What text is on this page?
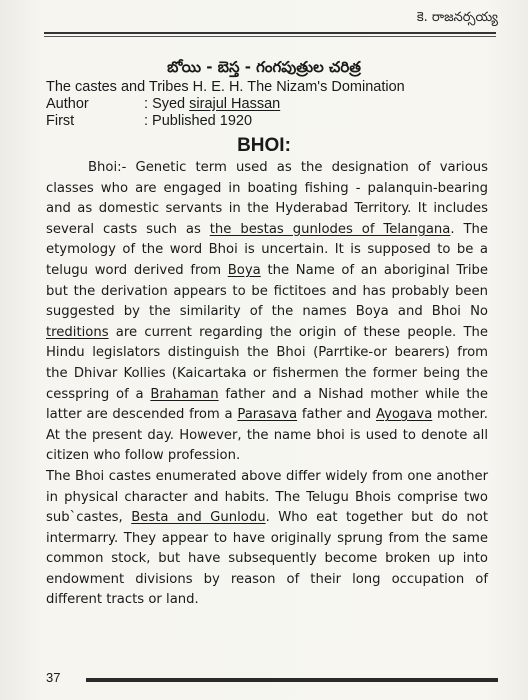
కె. రాజనర్సయ్య
బోయి - బెస్త - గంగపుత్రుల చరిత్ర
The castes and Tribes H. E. H. The Nizam's Domination
Author	: Syed sirajul Hassan
First	: Published 1920
BHOI:

Bhoi:- Genetic term used as the designation of various classes who are engaged in boating fishing - palanquin-bearing and as domestic servants in the Hyderabad Territory. It includes several casts such as the bestas gunlodes of Telangana. The etymology of the word Bhoi is uncertain. It is supposed to be a telugu word derived from Boya the Name of an aboriginal Tribe but the derivation appears to be fictitoes and has probably been suggested by the similarity of the names Boya and Bhoi No treditions are current regarding the origin of these people. The Hindu legislators distinguish the Bhoi (Parrtike-or bearers) from the Dhivar Kollies (Kaicartaka or fishermen the former being the cesspring of a Brahaman father and a Nishad mother while the latter are descended from a Parasava father and Ayogava mother. At the present day. However, the name bhoi is used to denote all citizen who follow profession.

The Bhoi castes enumerated above differ widely from one another in physical character and habits. The Telugu Bhois comprise two sub`castes, Besta and Gunlodu. Who eat together but do not intermarry. They appear to have originally sprung from the same common stock, but have subsequently become broken up into endowment divisions by reason of their long occupation of different tracts or land.

37
